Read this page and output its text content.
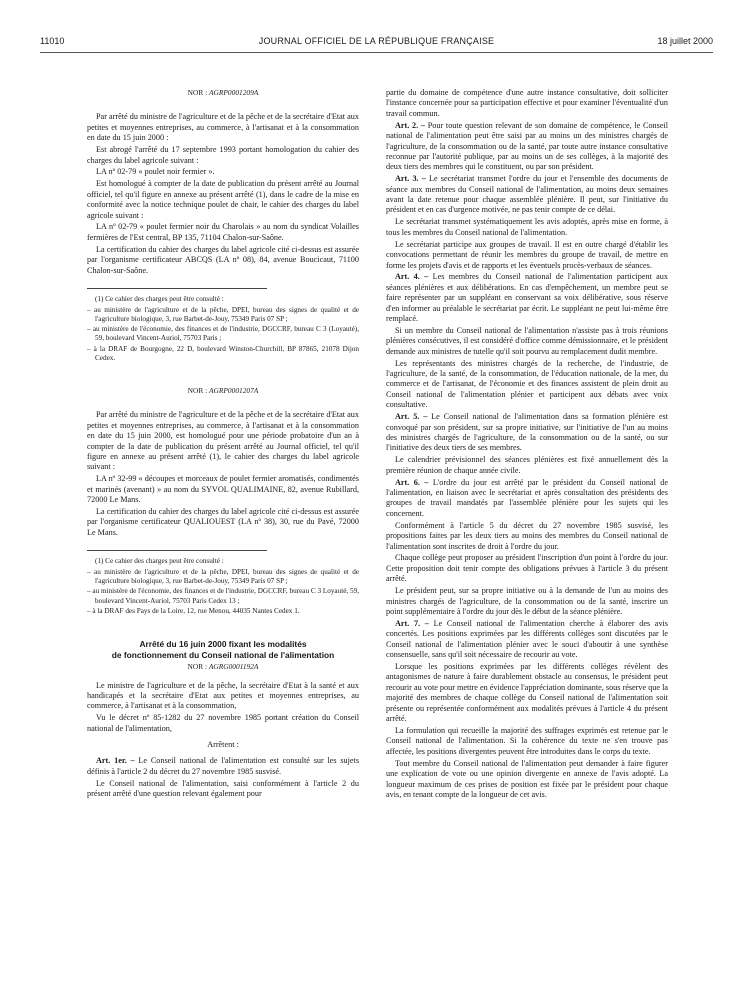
11010	JOURNAL OFFICIEL DE LA RÉPUBLIQUE FRANÇAISE	18 juillet 2000

NOR : AGRP0001209A

Par arrêté du ministre de l'agriculture et de la pêche et de la secrétaire d'Etat aux petites et moyennes entreprises, au commerce, à l'artisanat et à la consommation en date du 15 juin 2000 :

Est abrogé l'arrêté du 17 septembre 1993 portant homologation du cahier des charges du label agricole suivant :

LA nº 02-79 « poulet noir fermier ».

Est homologué à compter de la date de publication du présent arrêté au Journal officiel, tel qu'il figure en annexe au présent arrêté (1), dans le cadre de la mise en conformité avec la notice technique poulet de chair, le cahier des charges du label agricole suivant :

LA nº 02-79 « poulet fermier noir du Charolais » au nom du syndicat Volailles fermières de l'Est central, BP 135, 71104 Chalon-sur-Saône.

La certification du cahier des charges du label agricole cité ci-dessus est assurée par l'organisme certificateur ABCQS (LA nº 08), 84, avenue Boucicaut, 71100 Chalon-sur-Saône.

(1) Ce cahier des charges peut être consulté :

– au ministère de l'agriculture et de la pêche, DPEI, bureau des signes de qualité et de l'agriculture biologique, 3, rue Barbet-de-Jouy, 75349 Paris 07 SP ;

– au ministère de l'économie, des finances et de l'industrie, DGCCRF, bureau C 3 (Loyauté), 59, boulevard Vincent-Auriol, 75703 Paris ;

– à la DRAF de Bourgogne, 22 D, boulevard Winston-Churchill, BP 87865, 21078 Dijon Cedex.

NOR : AGRP0001207A

Par arrêté du ministre de l'agriculture et de la pêche et de la secrétaire d'Etat aux petites et moyennes entreprises, au commerce, à l'artisanat et à la consommation en date du 15 juin 2000, est homologué pour une période probatoire d'un an à compter de la date de publication du présent arrêté au Journal officiel, tel qu'il figure en annexe au présent arrêté (1), le cahier des charges du label agricole suivant :

LA nº 32-99 « découpes et morceaux de poulet fermier aromatisés, condimentés et marinés (avenant) » au nom du SYVOL QUALIMAINE, 82, avenue Rubillard, 72000 Le Mans.

La certification du cahier des charges du label agricole cité ci-dessus est assurée par l'organisme certificateur QUALIOUEST (LA nº 38), 30, rue du Pavé, 72000 Le Mans.

(1) Ce cahier des charges peut être consulté :

– au ministère de l'agriculture et de la pêche, DPEI, bureau des signes de qualité et de l'agriculture biologique, 3, rue Barbet-de-Jouy, 75349 Paris 07 SP ;

– au ministère de l'économie, des finances et de l'industrie, DGCCRF, bureau C 3 Loyauté, 59, boulevard Vincent-Auriol, 75703 Paris Cedex 13 ;

– à la DRAF des Pays de la Loire, 12, rue Menou, 44035 Nantes Cedex 1.

Arrêté du 16 juin 2000 fixant les modalités
de fonctionnement du Conseil national de l'alimentation

NOR : AGRG0001192A

Le ministre de l'agriculture et de la pêche, la secrétaire d'Etat à la santé et aux handicapés et la secrétaire d'Etat aux petites et moyennes entreprises, au commerce, à l'artisanat et à la consommation,

Vu le décret nº 85-1282 du 27 novembre 1985 portant création du Conseil national de l'alimentation,

Arrêtent :

Art. 1er. – Le Conseil national de l'alimentation est consulté sur les sujets définis à l'article 2 du décret du 27 novembre 1985 susvisé.

Le Conseil national de l'alimentation, saisi conformément à l'article 2 du présent arrêté d'une question relevant également pour

partie du domaine de compétence d'une autre instance consultative, doit solliciter l'instance concernée pour sa participation effective et pour examiner l'éventualité d'un travail commun.

Art. 2. – Pour toute question relevant de son domaine de compétence, le Conseil national de l'alimentation peut être saisi par au moins un des ministres chargés de l'agriculture, de la consommation ou de la santé, par toute autre instance consultative reconnue par l'autorité publique, par au moins un de ses collèges, à la majorité des deux tiers des membres qui le constituent, ou par son président.

Art. 3. – Le secrétariat transmet l'ordre du jour et l'ensemble des documents de séance aux membres du Conseil national de l'alimentation, au moins deux semaines avant la date retenue pour chaque assemblée plénière. Il peut, sur l'initiative du président et en cas d'urgence motivée, ne pas tenir compte de ce délai.

Le secrétariat transmet systématiquement les avis adoptés, après mise en forme, à tous les membres du Conseil national de l'alimentation.

Le secrétariat participe aux groupes de travail. Il est en outre chargé d'établir les convocations permettant de réunir les membres du groupe de travail, de mettre en forme les projets d'avis et de rapports et les éventuels procès-verbaux de séances.

Art. 4. – Les membres du Conseil national de l'alimentation participent aux séances plénières et aux délibérations. En cas d'empêchement, un membre peut se faire représenter par un suppléant en conservant sa voix délibérative, sous réserve d'en informer au préalable le secrétariat par écrit. Le suppléant ne peut lui-même être remplacé.

Si un membre du Conseil national de l'alimentation n'assiste pas à trois réunions plénières consécutives, il est considéré d'office comme démissionnaire, et le président demande aux ministres de tutelle qu'il soit pourvu au remplacement dudit membre.

Les représentants des ministres chargés de la recherche, de l'industrie, de l'agriculture, de la santé, de la consommation, de l'éducation nationale, de la mer, du commerce et de l'artisanat, de l'économie et des finances assistent de plein droit au Conseil national de l'alimentation plénier et participent aux débats avec voix consultative.

Art. 5. – Le Conseil national de l'alimentation dans sa formation plénière est convoqué par son président, sur sa propre initiative, sur l'initiative de l'un au moins des ministres chargés de l'agriculture, de la consommation ou de la santé, ou sur l'initiative des deux tiers de ses membres.

Le calendrier prévisionnel des séances plénières est fixé annuellement dès la première réunion de chaque année civile.

Art. 6. – L'ordre du jour est arrêté par le président du Conseil national de l'alimentation, en liaison avec le secrétariat et après consultation des présidents des groupes de travail mandatés par l'assemblée plénière pour les sujets qui les concernent.

Conformément à l'article 5 du décret du 27 novembre 1985 susvisé, les propositions faites par les deux tiers au moins des membres du Conseil national de l'alimentation sont inscrites de droit à l'ordre du jour.

Chaque collège peut proposer au président l'inscription d'un point à l'ordre du jour. Cette proposition doit tenir compte des obligations prévues à l'article 3 du présent arrêté.

Le président peut, sur sa propre initiative ou à la demande de l'un au moins des ministres chargés de l'agriculture, de la consommation ou de la santé, inscrire un point supplémentaire à l'ordre du jour dès le début de la séance plénière.

Art. 7. – Le Conseil national de l'alimentation cherche à élaborer des avis concertés. Les positions exprimées par les différents collèges sont discutées par le Conseil national de l'alimentation plénier avec le souci d'aboutir à une synthèse consensuelle, sans qu'il soit nécessaire de recourir au vote.

Lorsque les positions exprimées par les différents collèges révèlent des antagonismes de nature à faire durablement obstacle au consensus, le président peut recourir au vote pour mettre en évidence l'appréciation dominante, sous réserve que la majorité des membres de chaque collège du Conseil national de l'alimentation soit présente ou représentée conformément aux modalités prévues à l'article 4 du présent arrêté.

La formulation qui recueille la majorité des suffrages exprimés est retenue par le Conseil national de l'alimentation. Si la cohérence du texte ne s'en trouve pas affectée, les positions divergentes peuvent être introduites dans le corps du texte.

Tout membre du Conseil national de l'alimentation peut demander à faire figurer une explication de vote ou une opinion divergente en annexe de l'avis adopté. La longueur maximum de ces prises de position est fixée par le président pour chaque avis, en tenant compte de la longueur de cet avis.
